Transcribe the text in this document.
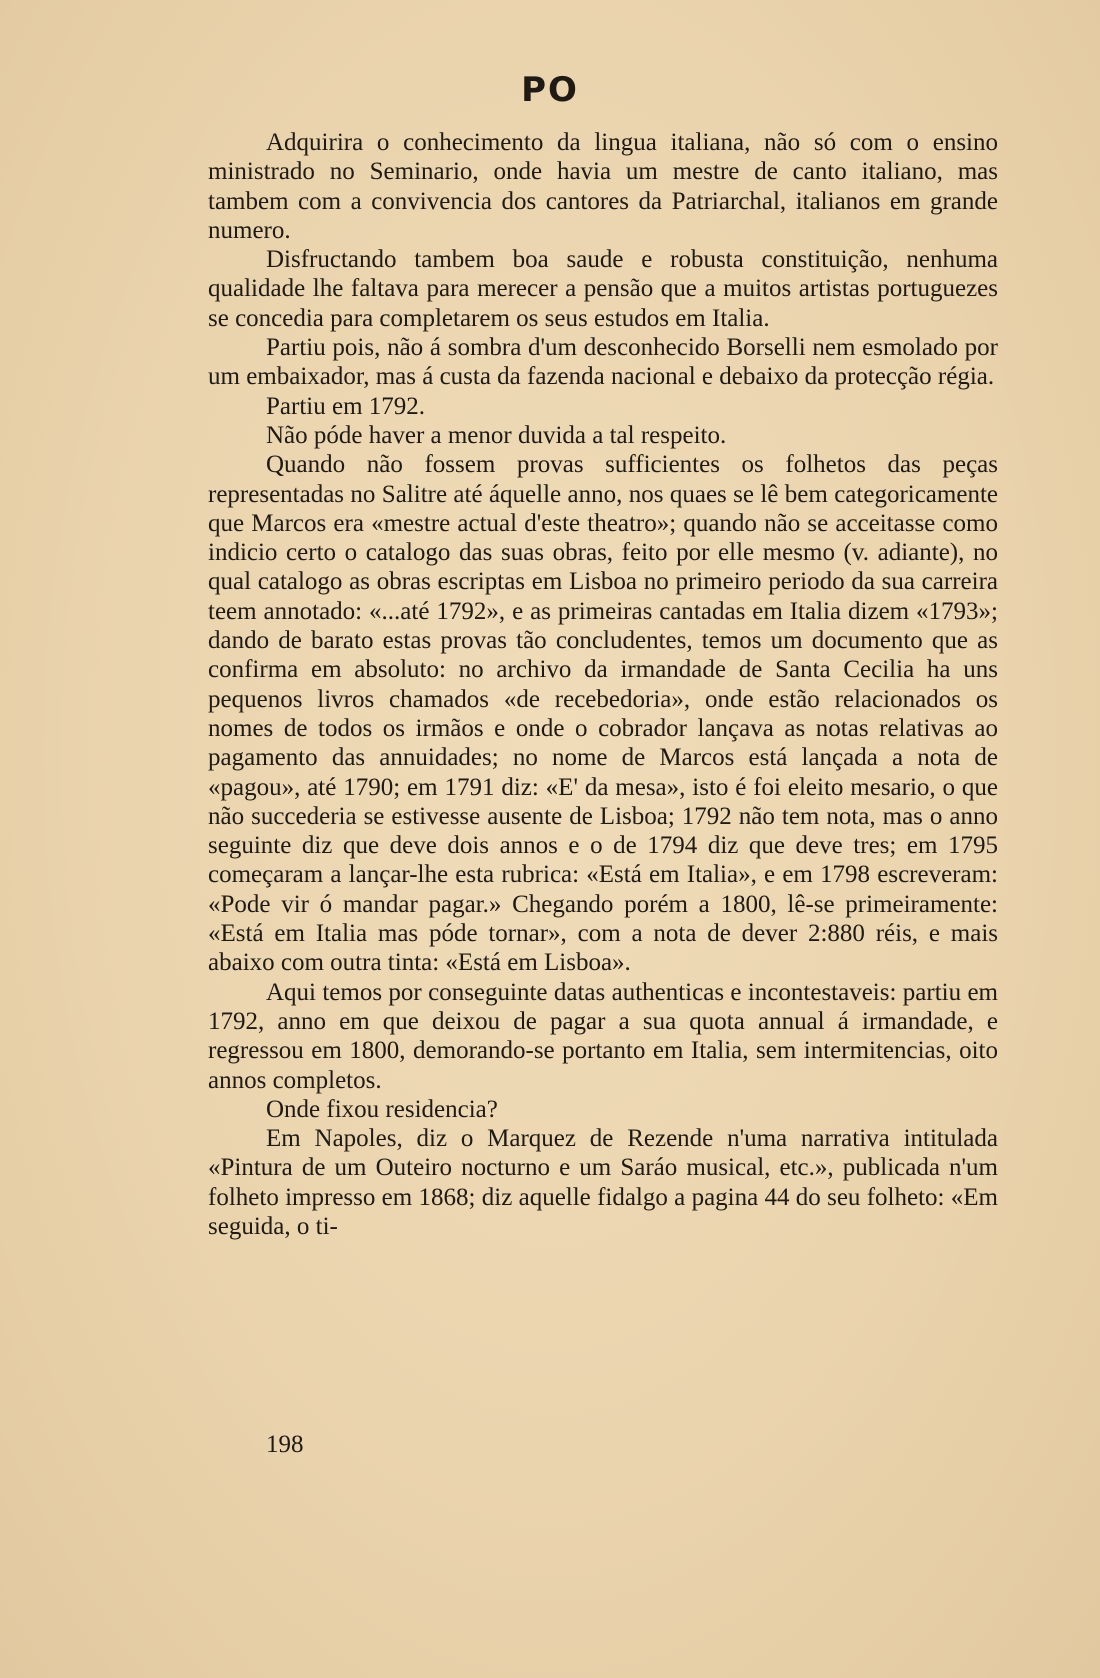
PO

Adquirira o conhecimento da lingua italiana, não só com o ensino ministrado no Seminario, onde havia um mestre de canto italiano, mas tambem com a convivencia dos cantores da Patriarchal, italianos em grande numero.

Disfructando tambem boa saude e robusta constituição, nenhuma qualidade lhe faltava para merecer a pensão que a muitos artistas portuguezes se concedia para completarem os seus estudos em Italia.

Partiu pois, não á sombra d'um desconhecido Borselli nem esmolado por um embaixador, mas á custa da fazenda nacional e debaixo da protecção régia.

Partiu em 1792.

Não póde haver a menor duvida a tal respeito.

Quando não fossem provas sufficientes os folhetos das peças representadas no Salitre até áquelle anno, nos quaes se lê bem categoricamente que Marcos era «mestre actual d'este theatro»; quando não se acceitasse como indicio certo o catalogo das suas obras, feito por elle mesmo (v. adiante), no qual catalogo as obras escriptas em Lisboa no primeiro periodo da sua carreira teem annotado: «...até 1792», e as primeiras cantadas em Italia dizem «1793»; dando de barato estas provas tão concludentes, temos um documento que as confirma em absoluto: no archivo da irmandade de Santa Cecilia ha uns pequenos livros chamados «de recebedoria», onde estão relacionados os nomes de todos os irmãos e onde o cobrador lançava as notas relativas ao pagamento das annuidades; no nome de Marcos está lançada a nota de «pagou», até 1790; em 1791 diz: «E' da mesa», isto é foi eleito mesario, o que não succederia se estivesse ausente de Lisboa; 1792 não tem nota, mas o anno seguinte diz que deve dois annos e o de 1794 diz que deve tres; em 1795 começaram a lançar-lhe esta rubrica: «Está em Italia», e em 1798 escreveram: «Pode vir ó mandar pagar.» Chegando porém a 1800, lê-se primeiramente: «Está em Italia mas póde tornar», com a nota de dever 2:880 réis, e mais abaixo com outra tinta: «Está em Lisboa».

Aqui temos por conseguinte datas authenticas e incontestaveis: partiu em 1792, anno em que deixou de pagar a sua quota annual á irmandade, e regressou em 1800, demorando-se portanto em Italia, sem intermitencias, oito annos completos.

Onde fixou residencia?

Em Napoles, diz o Marquez de Rezende n'uma narrativa intitulada «Pintura de um Outeiro nocturno e um Saráo musical, etc.», publicada n'um folheto impresso em 1868; diz aquelle fidalgo a pagina 44 do seu folheto: «Em seguida, o ti-

198
